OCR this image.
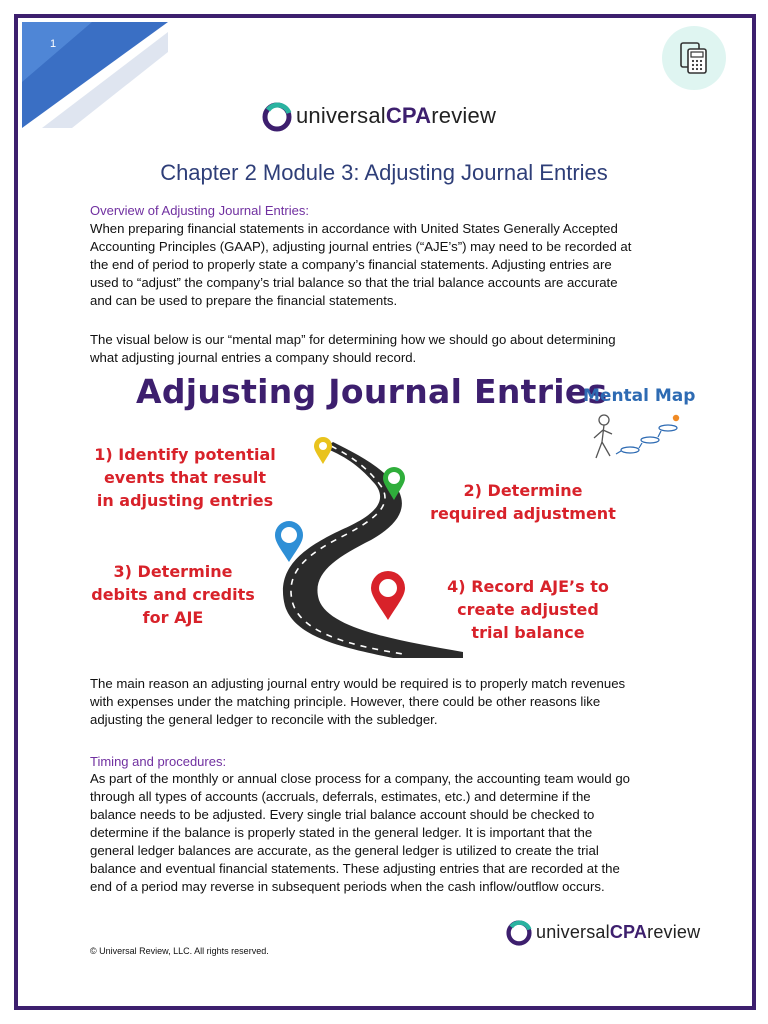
1
universalCPAreview
Chapter 2 Module 3: Adjusting Journal Entries
Overview of Adjusting Journal Entries:
When preparing financial statements in accordance with United States Generally Accepted
Accounting Principles (GAAP), adjusting journal entries (“AJE’s”) may need to be recorded at
the end of period to properly state a company’s financial statements. Adjusting entries are
used to “adjust” the company’s trial balance so that the trial balance accounts are accurate
and can be used to prepare the financial statements.
The visual below is our “mental map” for determining how we should go about determining
what adjusting journal entries a company should record.
Adjusting Journal Entries
Mental Map
1) Identify potential
events that result
in adjusting entries
2) Determine
required adjustment
3) Determine
debits and credits
for AJE
4) Record AJE’s to
create adjusted
trial balance
The main reason an adjusting journal entry would be required is to properly match revenues
with expenses under the matching principle. However, there could be other reasons like
adjusting the general ledger to reconcile with the subledger.
Timing and procedures:
As part of the monthly or annual close process for a company, the accounting team would go
through all types of accounts (accruals, deferrals, estimates, etc.) and determine if the
balance needs to be adjusted. Every single trial balance account should be checked to
determine if the balance is properly stated in the general ledger. It is important that the
general ledger balances are accurate, as the general ledger is utilized to create the trial
balance and eventual financial statements. These adjusting entries that are recorded at the
end of a period may reverse in subsequent periods when the cash inflow/outflow occurs.
universalCPAreview
© Universal Review, LLC. All rights reserved.
